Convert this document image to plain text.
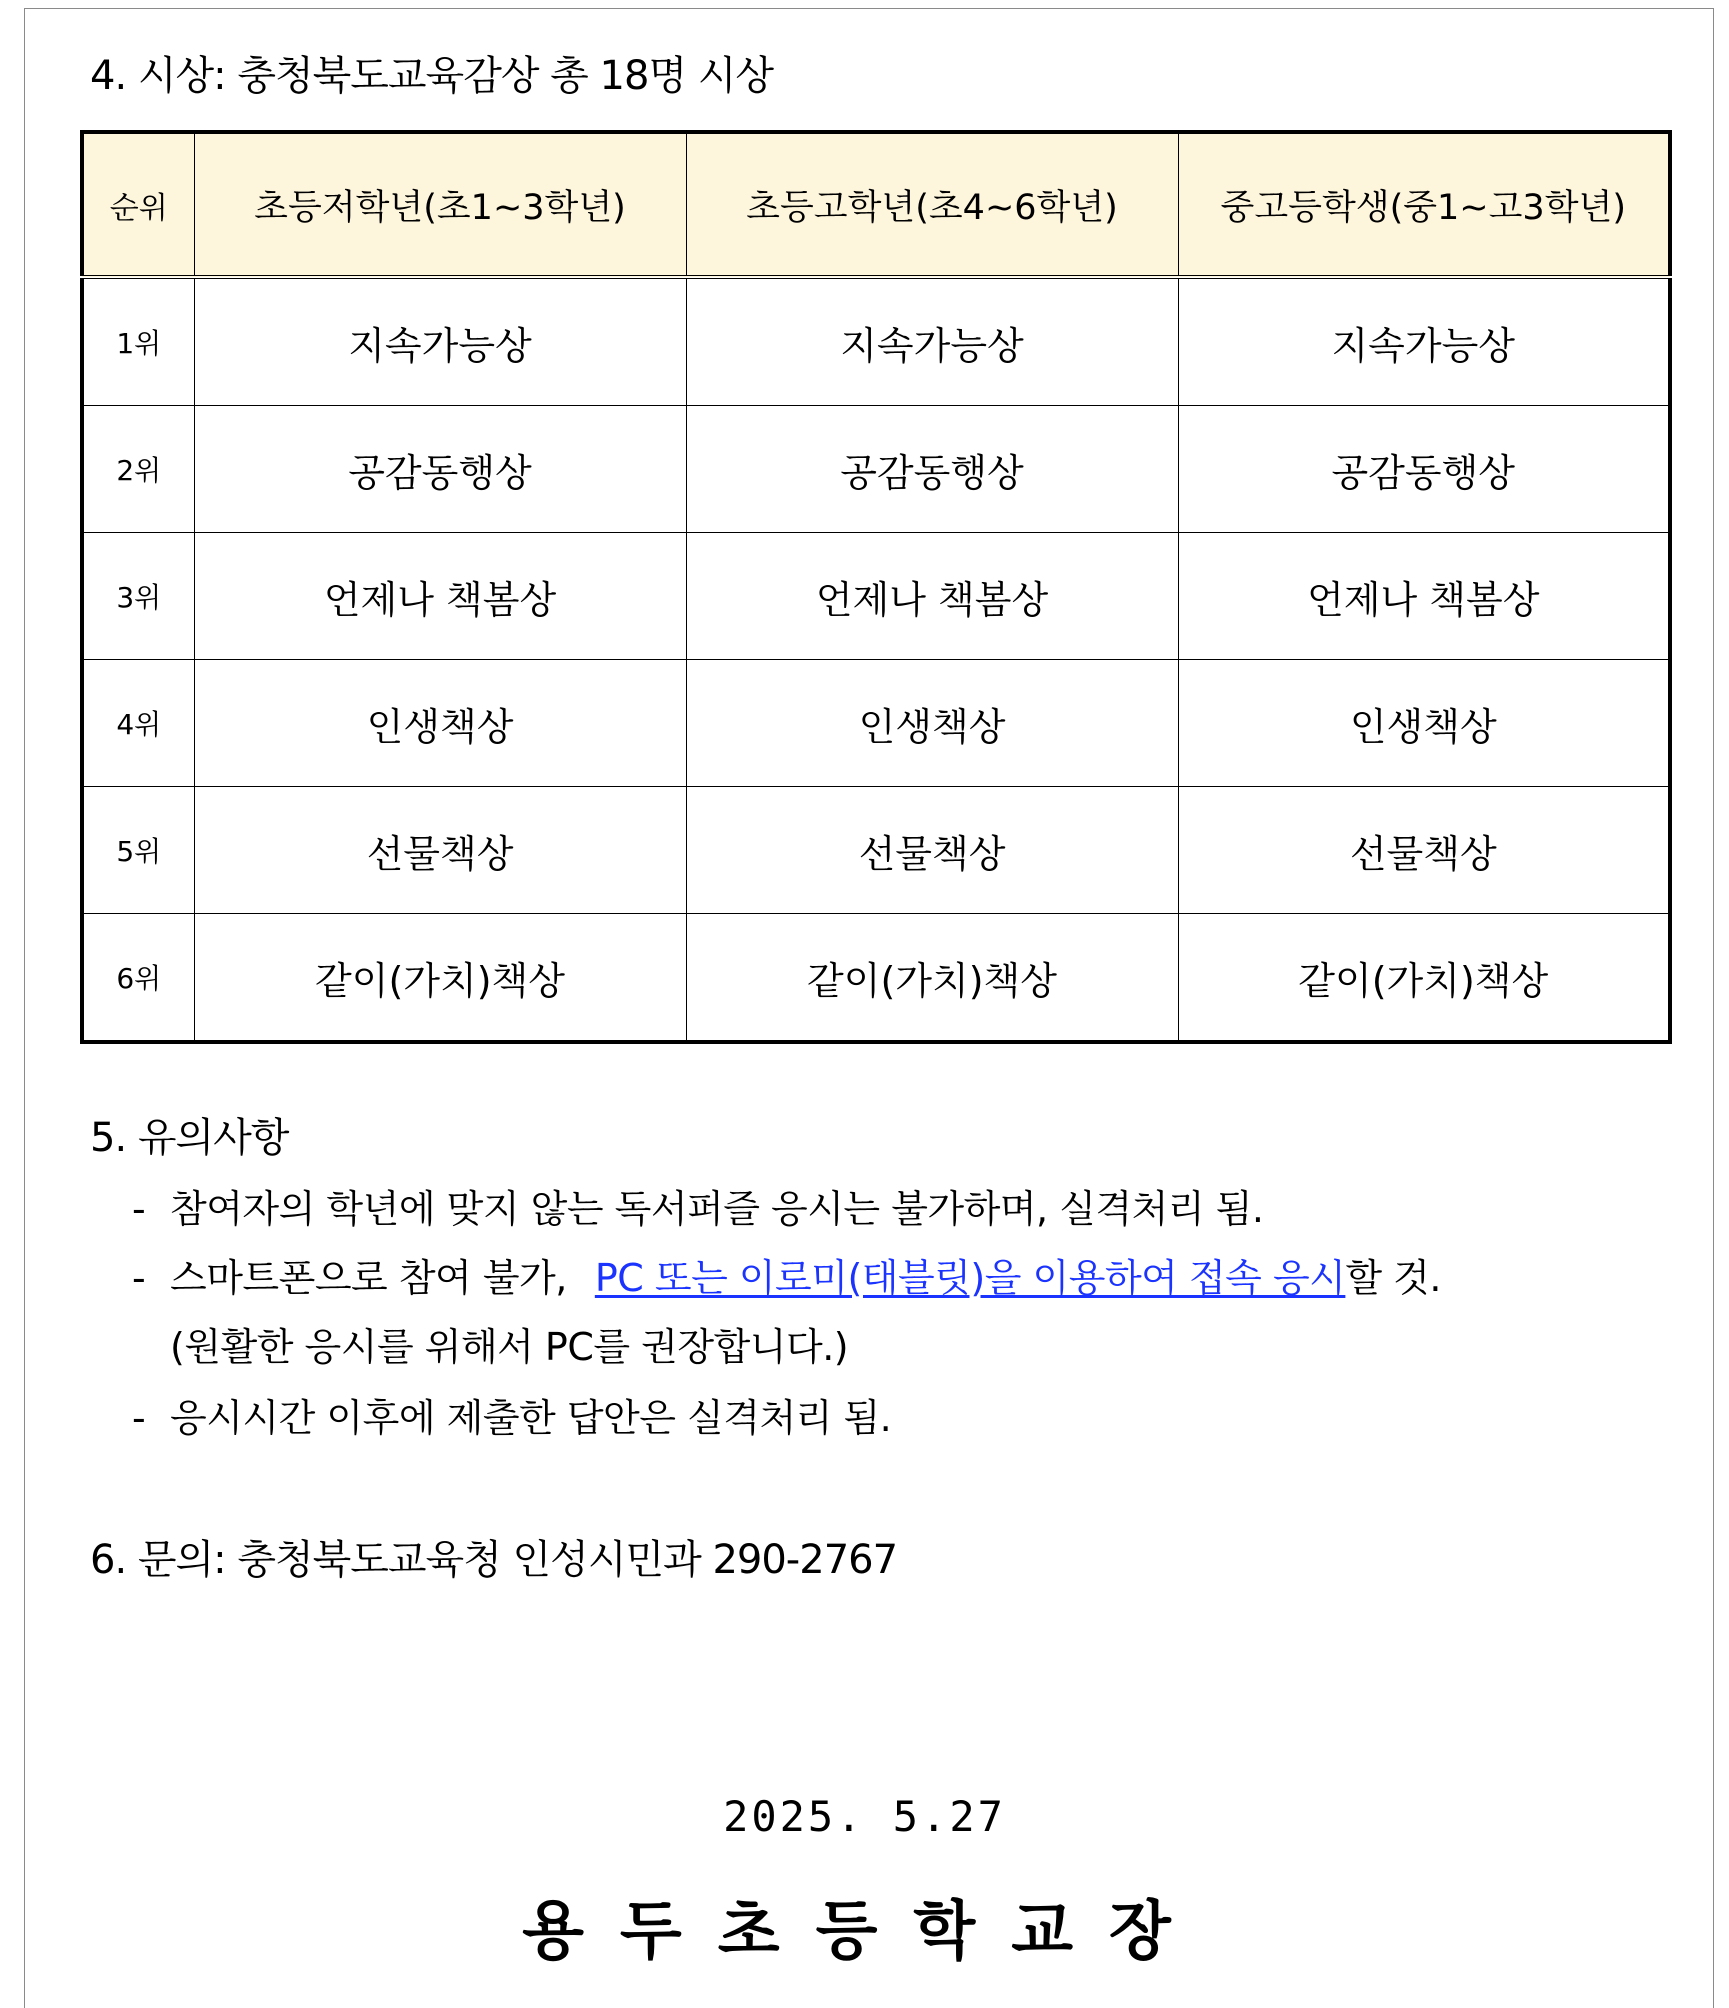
4. 시상: 충청북도교육감상 총 18명 시상
순위	초등저학년(초1~3학년)	초등고학년(초4~6학년)	중고등학생(중1~고3학년)
1위	지속가능상	지속가능상	지속가능상
2위	공감동행상	공감동행상	공감동행상
3위	언제나 책봄상	언제나 책봄상	언제나 책봄상
4위	인생책상	인생책상	인생책상
5위	선물책상	선물책상	선물책상
6위	같이(가치)책상	같이(가치)책상	같이(가치)책상
5. 유의사항
- 참여자의 학년에 맞지 않는 독서퍼즐 응시는 불가하며, 실격처리 됨.
- 스마트폰으로 참여 불가, PC 또는 이로미(태블릿)을 이용하여 접속 응시할 것.
(원활한 응시를 위해서 PC를 권장합니다.)
- 응시시간 이후에 제출한 답안은 실격처리 됨.
6. 문의: 충청북도교육청 인성시민과 290-2767
2025. 5.27
용두초등학교장
